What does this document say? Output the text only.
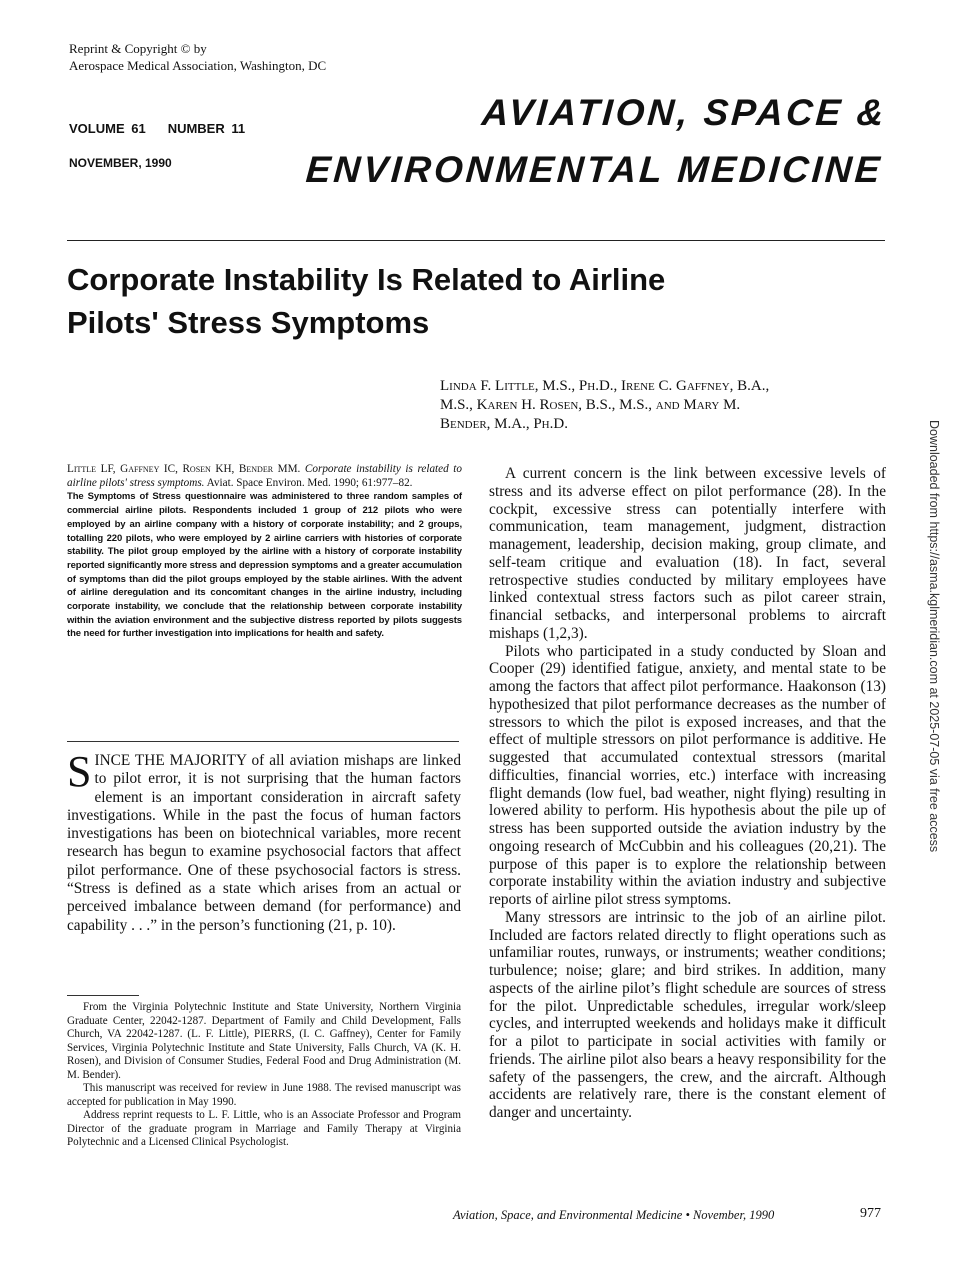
Reprint & Copyright © by
Aerospace Medical Association, Washington, DC
VOLUME 61 NUMBER 11
NOVEMBER, 1990
AVIATION, SPACE &
ENVIRONMENTAL MEDICINE
Corporate Instability Is Related to Airline
Pilots' Stress Symptoms
Linda F. Little, M.S., Ph.D., Irene C. Gaffney, B.A.,
M.S., Karen H. Rosen, B.S., M.S., and Mary M.
Bender, M.A., Ph.D.
Little LF, Gaffney IC, Rosen KH, Bender MM. Corporate instability is related to airline pilots' stress symptoms. Aviat. Space Environ. Med. 1990; 61:977–82.
The Symptoms of Stress questionnaire was administered to three random samples of commercial airline pilots. Respondents included 1 group of 212 pilots who were employed by an airline company with a history of corporate instability; and 2 groups, totalling 220 pilots, who were employed by 2 airline carriers with histories of corporate stability. The pilot group employed by the airline with a history of corporate instability reported significantly more stress and depression symptoms and a greater accumulation of symptoms than did the pilot groups employed by the stable airlines. With the advent of airline deregulation and its concomitant changes in the airline industry, including corporate instability, we conclude that the relationship between corporate instability within the aviation environment and the subjective distress reported by pilots suggests the need for further investigation into implications for health and safety.
SINCE THE MAJORITY of all aviation mishaps are linked to pilot error, it is not surprising that the human factors element is an important consideration in aircraft safety investigations. While in the past the focus of human factors investigations has been on biotechnical variables, more recent research has begun to examine psychosocial factors that affect pilot performance. One of these psychosocial factors is stress. “Stress is defined as a state which arises from an actual or perceived imbalance between demand (for performance) and capability . . .” in the person’s functioning (21, p. 10).

From the Virginia Polytechnic Institute and State University, Northern Virginia Graduate Center, 22042-1287. Department of Family and Child Development, Falls Church, VA 22042-1287. (L. F. Little), PIERRS, (I. C. Gaffney), Center for Family Services, Virginia Polytechnic Institute and State University, Falls Church, VA (K. H. Rosen), and Division of Consumer Studies, Federal Food and Drug Administration (M. M. Bender).

This manuscript was received for review in June 1988. The revised manuscript was accepted for publication in May 1990.

Address reprint requests to L. F. Little, who is an Associate Professor and Program Director of the graduate program in Marriage and Family Therapy at Virginia Polytechnic and a Licensed Clinical Psychologist.

A current concern is the link between excessive levels of stress and its adverse effect on pilot performance (28). In the cockpit, excessive stress can potentially interfere with communication, team management, judgment, distraction management, leadership, decision making, group climate, and self-team critique and evaluation (18). In fact, several retrospective studies conducted by military employees have linked contextual stress factors such as pilot career strain, financial setbacks, and interpersonal problems to aircraft mishaps (1,2,3).

Pilots who participated in a study conducted by Sloan and Cooper (29) identified fatigue, anxiety, and mental state to be among the factors that affect pilot performance. Haakonson (13) hypothesized that pilot performance decreases as the number of stressors to which the pilot is exposed increases, and that the effect of multiple stressors on pilot performance is additive. He suggested that accumulated contextual stressors (marital difficulties, financial worries, etc.) interface with increasing flight demands (low fuel, bad weather, night flying) resulting in lowered ability to perform. His hypothesis about the pile up of stress has been supported outside the aviation industry by the ongoing research of McCubbin and his colleagues (20,21). The purpose of this paper is to explore the relationship between corporate instability within the aviation industry and subjective reports of airline pilot stress symptoms.

Many stressors are intrinsic to the job of an airline pilot. Included are factors related directly to flight operations such as unfamiliar routes, runways, or instruments; weather conditions; turbulence; noise; glare; and bird strikes. In addition, many aspects of the airline pilot’s flight schedule are sources of stress for the pilot. Unpredictable schedules, irregular work/sleep cycles, and interrupted weekends and holidays make it difficult for a pilot to participate in social activities with family or friends. The airline pilot also bears a heavy responsibility for the safety of the passengers, the crew, and the aircraft. Although accidents are relatively rare, there is the constant element of danger and uncertainty.

Aviation, Space, and Environmental Medicine • November, 1990	977
Downloaded from https://asma.kglmeridian.com at 2025-07-05 via free access
